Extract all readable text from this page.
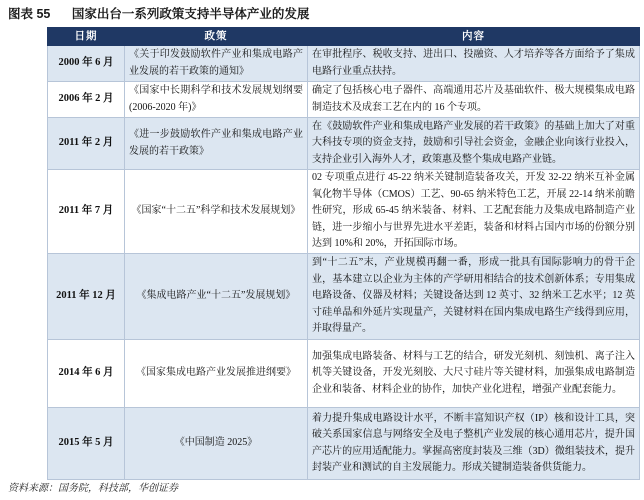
图表 55 国家出台一系列政策支持半导体产业的发展
日期	政策	内容
2000 年 6 月	《关于印发鼓励软件产业和集成电路产业发展的若干政策的通知》	在审批程序、税收支持、进出口、投融资、人才培养等各方面给予了集成电路行业重点扶持。
2006 年 2 月	《国家中长期科学和技术发展规划纲要 (2006-2020 年)》	确定了包括核心电子器件、高端通用芯片及基础软件、极大规模集成电路制造技术及成套工艺在内的 16 个专项。
2011 年 2 月	《进一步鼓励软件产业和集成电路产业发展的若干政策》	在《鼓励软件产业和集成电路产业发展的若干政策》的基础上加大了对重大科技专项的资金支持，鼓励和引导社会资金，金融企业向该行业投入，支持企业引入海外人才，政策惠及整个集成电路产业链。
2011 年 7 月	《国家“十二五”科学和技术发展规划》	02 专项重点进行 45-22 纳米关键制造装备攻关，开发 32-22 纳米互补金属氧化物半导体（CMOS）工艺、90-65 纳米特色工艺，开展 22-14 纳米前瞻性研究，形成 65-45 纳米装备、材料、工艺配套能力及集成电路制造产业链，进一步缩小与世界先进水平差距，装备和材料占国内市场的份额分别达到 10%和 20%，开拓国际市场。
2011 年 12 月	《集成电路产业“十二五”发展规划》	到“十二五”末，产业规模再翻一番，形成一批具有国际影响力的骨干企业，基本建立以企业为主体的产学研用相结合的技术创新体系；专用集成电路设备、仪器及材料；关键设备达到 12 英寸、32 纳米工艺水平；12 英寸硅单晶和外延片实现量产，关键材料在国内集成电路生产线得到应用，并取得量产。
2014 年 6 月	《国家集成电路产业发展推进纲要》	加强集成电路装备、材料与工艺的结合，研发光刻机、刻蚀机、离子注入机等关键设备，开发光刻胶、大尺寸硅片等关键材料，加强集成电路制造企业和装备、材料企业的协作，加快产业化进程，增强产业配套能力。
2015 年 5 月	《中国制造 2025》	着力提升集成电路设计水平，不断丰富知识产权（IP）核和设计工具，突破关系国家信息与网络安全及电子整机产业发展的核心通用芯片，提升国产芯片的应用适配能力。掌握高密度封装及三维（3D）微组装技术，提升封装产业和测试的自主发展能力。形成关键制造装备供货能力。
资料来源：国务院，科技部，华创证券
